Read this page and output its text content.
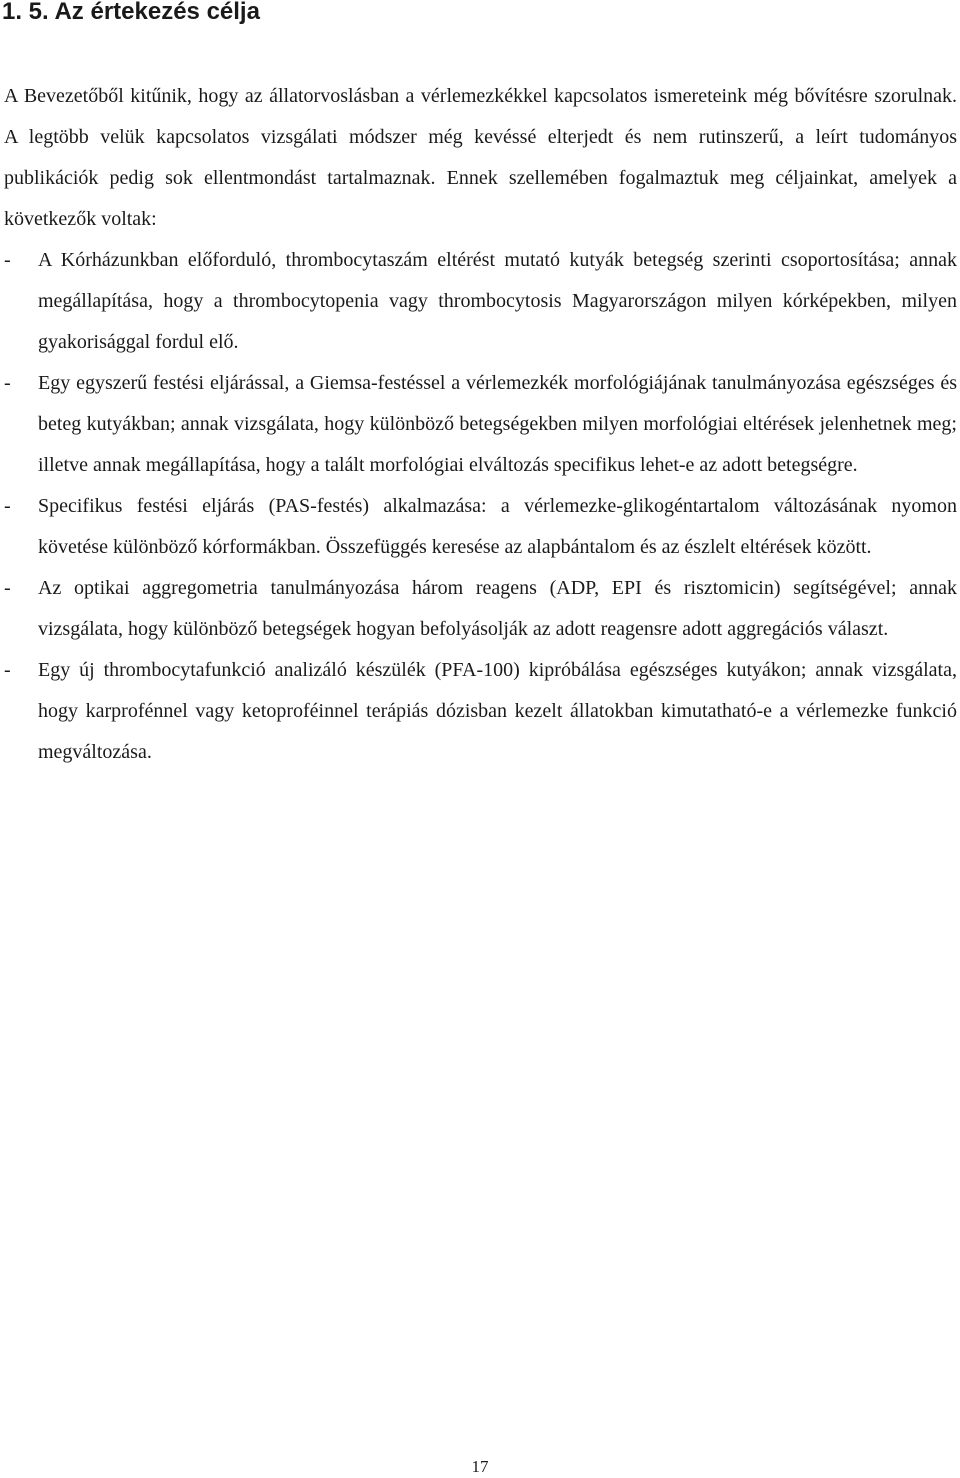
1. 5. Az értekezés célja

A Bevezetőből kitűnik, hogy az állatorvoslásban a vérlemezkékkel kapcsolatos ismereteink még bővítésre szorulnak. A legtöbb velük kapcsolatos vizsgálati módszer még kevéssé elterjedt és nem rutinszerű, a leírt tudományos publikációk pedig sok ellentmondást tartalmaznak. Ennek szellemében fogalmaztuk meg céljainkat, amelyek a következők voltak:

- A Kórházunkban előforduló, thrombocytaszám eltérést mutató kutyák betegség szerinti csoportosítása; annak megállapítása, hogy a thrombocytopenia vagy thrombocytosis Magyarországon milyen kórképekben, milyen gyakorisággal fordul elő.
- Egy egyszerű festési eljárással, a Giemsa-festéssel a vérlemezkék morfológiájának tanulmányozása egészséges és beteg kutyákban; annak vizsgálata, hogy különböző betegségekben milyen morfológiai eltérések jelenhetnek meg; illetve annak megállapítása, hogy a talált morfológiai elváltozás specifikus lehet-e az adott betegségre.
- Specifikus festési eljárás (PAS-festés) alkalmazása: a vérlemezke-glikogéntartalom változásának nyomon követése különböző kórformákban. Összefüggés keresése az alapbántalom és az észlelt eltérések között.
- Az optikai aggregometria tanulmányozása három reagens (ADP, EPI és risztomicin) segítségével; annak vizsgálata, hogy különböző betegségek hogyan befolyásolják az adott reagensre adott aggregációs választ.
- Egy új thrombocytafunkció analizáló készülék (PFA-100) kipróbálása egészséges kutyákon; annak vizsgálata, hogy karprofénnel vagy ketoproféinnel terápiás dózisban kezelt állatokban kimutatható-e a vérlemezke funkció megváltozása.
17
